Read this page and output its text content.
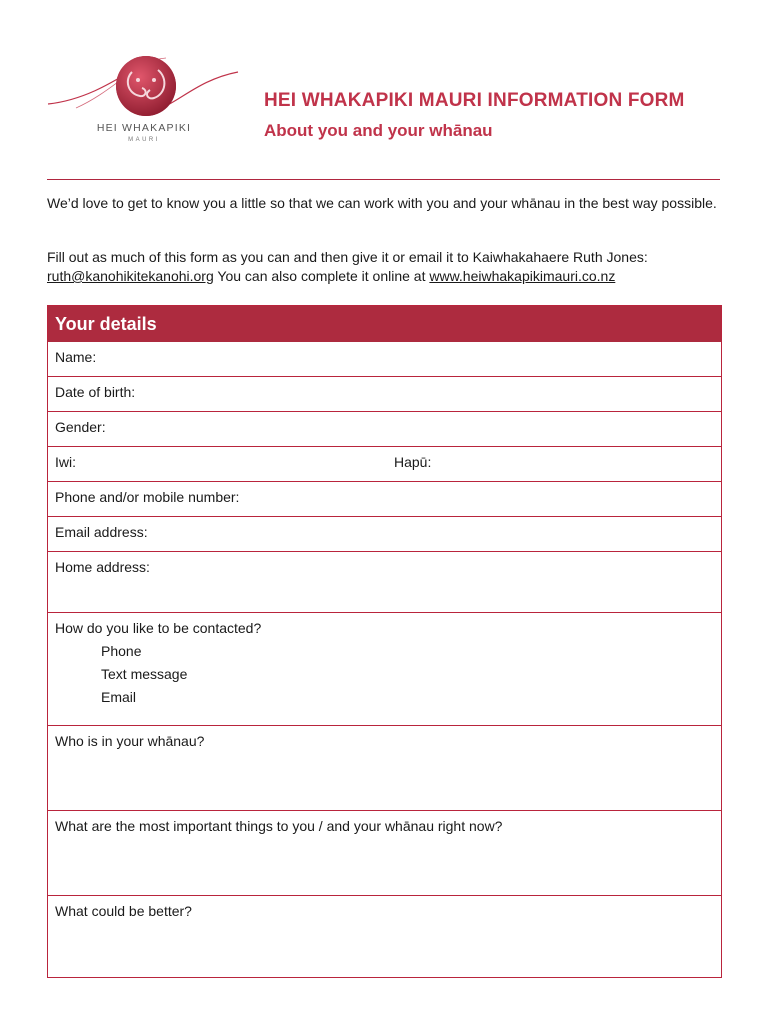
HEI WHAKAPIKI
MAURI
HEI WHAKAPIKI MAURI INFORMATION FORM
About you and your whānau

We’d love to get to know you a little so that we can work with you and your whānau in the best way possible.

Fill out as much of this form as you can and then give it or email it to Kaiwhakahaere Ruth Jones:
ruth@kanohikitekanohi.org You can also complete it online at www.heiwhakapikimauri.co.nz

Your details
Name:
Date of birth:
Gender:
Iwi:	Hapū:
Phone and/or mobile number:
Email address:
Home address:
How do you like to be contacted?
Phone
Text message
Email
Who is in your whānau?
What are the most important things to you / and your whānau right now?
What could be better?
